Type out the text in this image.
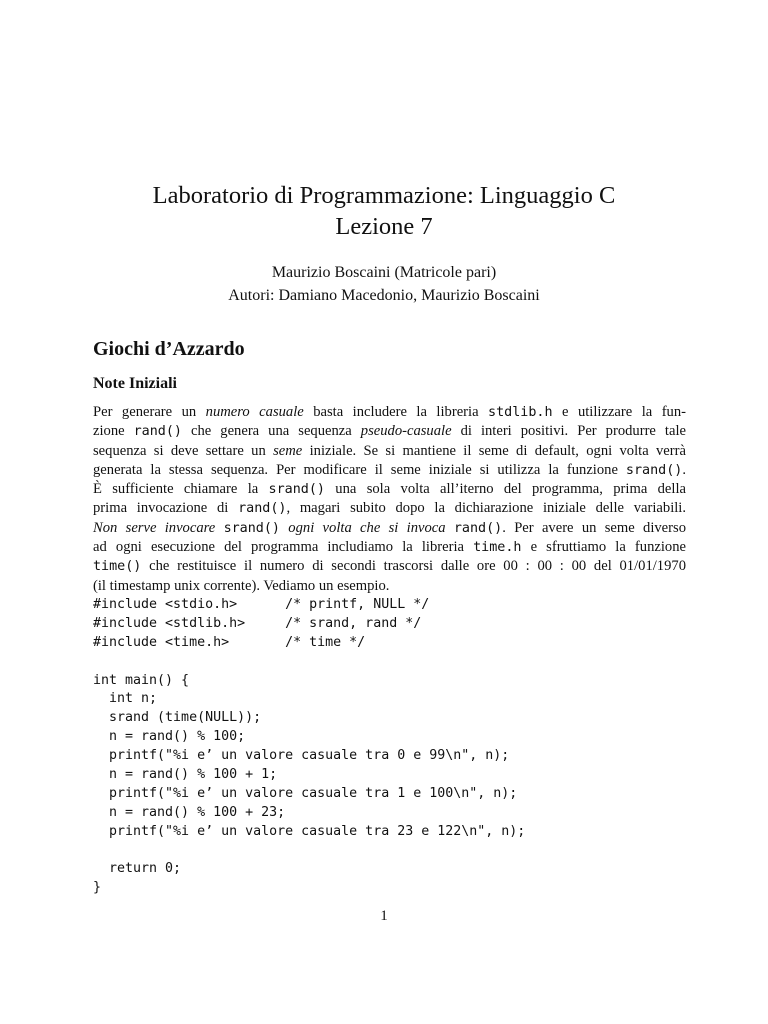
Laboratorio di Programmazione: Linguaggio C
Lezione 7
Maurizio Boscaini (Matricole pari)
Autori: Damiano Macedonio, Maurizio Boscaini
Giochi d’Azzardo
Note Iniziali

Per generare un numero casuale basta includere la libreria stdlib.h e utilizzare la fun-
zione rand() che genera una sequenza pseudo-casuale di interi positivi. Per produrre tale
sequenza si deve settare un seme iniziale. Se si mantiene il seme di default, ogni volta verrà
generata la stessa sequenza. Per modificare il seme iniziale si utilizza la funzione srand().
È sufficiente chiamare la srand() una sola volta all’iterno del programma, prima della
prima invocazione di rand(), magari subito dopo la dichiarazione iniziale delle variabili.
Non serve invocare srand() ogni volta che si invoca rand(). Per avere un seme diverso
ad ogni esecuzione del programma includiamo la libreria time.h e sfruttiamo la funzione
time() che restituisce il numero di secondi trascorsi dalle ore 00 : 00 : 00 del 01/01/1970
(il timestamp unix corrente). Vediamo un esempio.

#include <stdio.h>      /* printf, NULL */
#include <stdlib.h>     /* srand, rand */
#include <time.h>       /* time */
int main() {
int n;
srand (time(NULL));
n = rand() % 100;
printf("%i e’ un valore casuale tra 0 e 99\n", n);
n = rand() % 100 + 1;
printf("%i e’ un valore casuale tra 1 e 100\n", n);
n = rand() % 100 + 23;
printf("%i e’ un valore casuale tra 23 e 122\n", n);
return 0;
}
1
